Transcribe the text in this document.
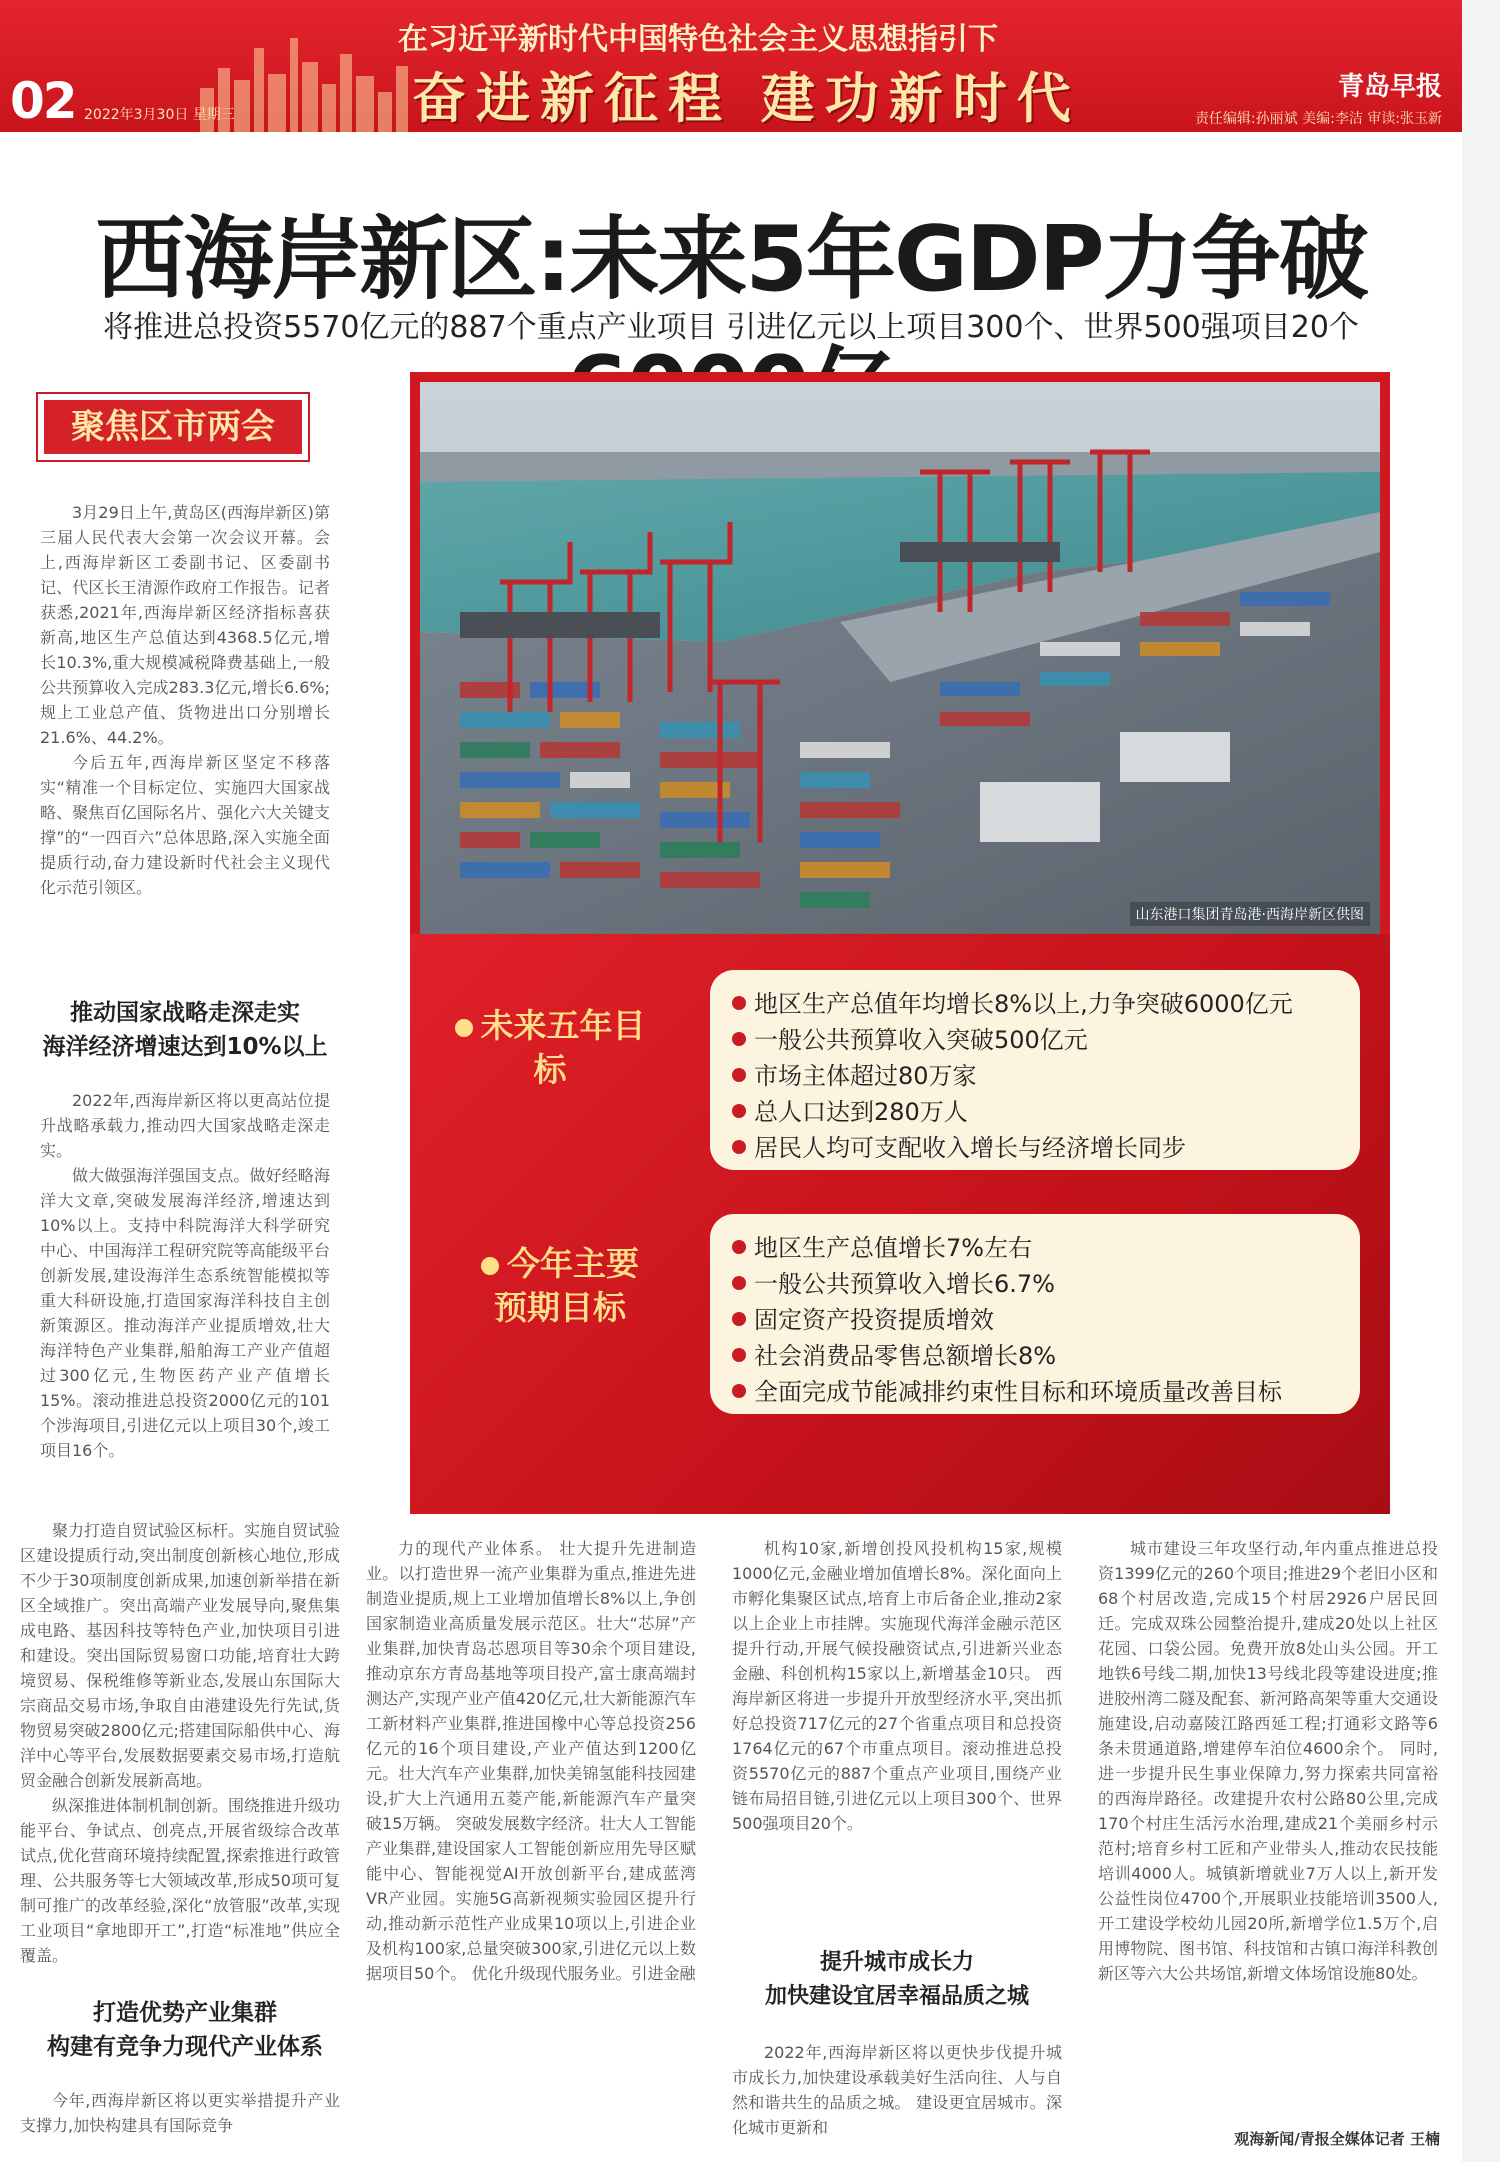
02 2022年3月30日 星期三
在习近平新时代中国特色社会主义思想指引下
奋进新征程 建功新时代	青岛早报
责任编辑:孙丽斌 美编:李洁 审读:张玉新
西海岸新区:未来5年GDP力争破
将推进总投资5570亿元的887个重点产业项目 引进亿元以上项目300个、世界500强项目20个
聚焦区市两会

3月29日上午,黄岛区(西海岸新区)第三届人民代表大会第一次会议开幕。会上,西海岸新区工委副书记、区委副书记、代区长王清源作政府工作报告。记者获悉,2021年,西海岸新区经济指标喜获新高,地区生产总值达到4368.5亿元,增长10.3%,重大规模减税降费基础上,一般公共预算收入完成283.3亿元,增长6.6%;规上工业总产值、货物进出口分别增长21.6%、44.2%。

今后五年,西海岸新区坚定不移落实“精准一个目标定位、实施四大国家战略、聚焦百亿国际名片、强化六大关键支撑”的“一四百六”总体思路,深入实施全面提质行动,奋力建设新时代社会主义现代化示范引领区。

推动国家战略走深走实
海洋经济增速达到10%以上

2022年,西海岸新区将以更高站位提升战略承载力,推动四大国家战略走深走实。

做大做强海洋强国支点。做好经略海洋大文章,突破发展海洋经济,增速达到10%以上。支持中科院海洋大科学研究中心、中国海洋工程研究院等高能级平台创新发展,建设海洋生态系统智能模拟等重大科研设施,打造国家海洋科技自主创新策源区。推动海洋产业提质增效,壮大海洋特色产业集群,船舶海工产业产值超过300亿元,生物医药产业产值增长15%。滚动推进总投资2000亿元的101个涉海项目,引进亿元以上项目30个,竣工项目16个。

聚力打造自贸试验区标杆。实施自贸试验区建设提质行动,突出制度创新核心地位,形成不少于30项制度创新成果,加速创新举措在新区全域推广。突出高端产业发展导向,聚焦集成电路、基因科技等特色产业,加快项目引进和建设。突出国际贸易窗口功能,培育壮大跨境贸易、保税维修等新业态,发展山东国际大宗商品交易市场,争取自由港建设先行先试,货物贸易突破2800亿元;搭建国际船供中心、海洋中心等平台,发展数据要素交易市场,打造航贸金融合创新发展新高地。

纵深推进体制机制创新。围绕推进升级功能平台、争试点、创亮点,开展省级综合改革试点,优化营商环境持续配置,探索推进行政管理、公共服务等七大领域改革,形成50项可复制可推广的改革经验,深化“放管服”改革,实现工业项目“拿地即开工”,打造“标准地”供应全覆盖。

打造优势产业集群
构建有竞争力现代产业体系

今年,西海岸新区将以更实举措提升产业支撑力,加快构建具有国际竞争

力的现代产业体系。 壮大提升先进制造业。以打造世界一流产业集群为重点,推进先进制造业提质,规上工业增加值增长8%以上,争创国家制造业高质量发展示范区。壮大“芯屏”产业集群,加快青岛芯恩项目等30余个项目建设,推动京东方青岛基地等项目投产,富士康高端封测达产,实现产业产值420亿元,壮大新能源汽车工新材料产业集群,推进国橡中心等总投资256亿元的16个项目建设,产业产值达到1200亿元。壮大汽车产业集群,加快美锦氢能科技园建设,扩大上汽通用五菱产能,新能源汽车产量突破15万辆。 突破发展数字经济。壮大人工智能产业集群,建设国家人工智能创新应用先导区赋能中心、智能视觉AI开放创新平台,建成蓝湾VR产业园。实施5G高新视频实验园区提升行动,推动新示范性产业成果10项以上,引进企业及机构100家,总量突破300家,引进亿元以上数据项目50个。 优化升级现代服务业。引进金融

机构10家,新增创投风投机构15家,规模1000亿元,金融业增加值增长8%。深化面向上市孵化集聚区试点,培育上市后备企业,推动2家以上企业上市挂牌。实施现代海洋金融示范区提升行动,开展气候投融资试点,引进新兴业态金融、科创机构15家以上,新增基金10只。 西海岸新区将进一步提升开放型经济水平,突出抓好总投资717亿元的27个省重点项目和总投资1764亿元的67个市重点项目。滚动推进总投资5570亿元的887个重点产业项目,围绕产业链布局招目链,引进亿元以上项目300个、世界500强项目20个。

提升城市成长力
加快建设宜居幸福品质之城

2022年,西海岸新区将以更快步伐提升城市成长力,加快建设承载美好生活向往、人与自然和谐共生的品质之城。 建设更宜居城市。深化城市更新和

城市建设三年攻坚行动,年内重点推进总投资1399亿元的260个项目;推进29个老旧小区和68个村居改造,完成15个村居2926户居民回迁。完成双珠公园整治提升,建成20处以上社区花园、口袋公园。免费开放8处山头公园。开工地铁6号线二期,加快13号线北段等建设进度;推进胶州湾二隧及配套、新河路高架等重大交通设施建设,启动嘉陵江路西延工程;打通彩文路等6条未贯通道路,增建停车泊位4600余个。 同时,进一步提升民生事业保障力,努力探索共同富裕的西海岸路径。改建提升农村公路80公里,完成170个村庄生活污水治理,建成21个美丽乡村示范村;培育乡村工匠和产业带头人,推动农民技能培训4000人。城镇新增就业7万人以上,新开发公益性岗位4700个,开展职业技能培训3500人,开工建设学校幼儿园20所,新增学位1.5万个,启用博物院、图书馆、科技馆和古镇口海洋科教创新区等六大公共场馆,新增文体场馆设施80处。

山东港口集团青岛港·西海岸新区供图
未来五年目标
地区生产总值年均增长8%以上,力争突破6000亿元
一般公共预算收入突破500亿元
市场主体超过80万家
总人口达到280万人
居民人均可支配收入增长与经济增长同步
今年主要
预期目标
地区生产总值增长7%左右
一般公共预算收入增长6.7%
固定资产投资提质增效
社会消费品零售总额增长8%
全面完成节能减排约束性目标和环境质量改善目标
观海新闻/青报全媒体记者 王楠
